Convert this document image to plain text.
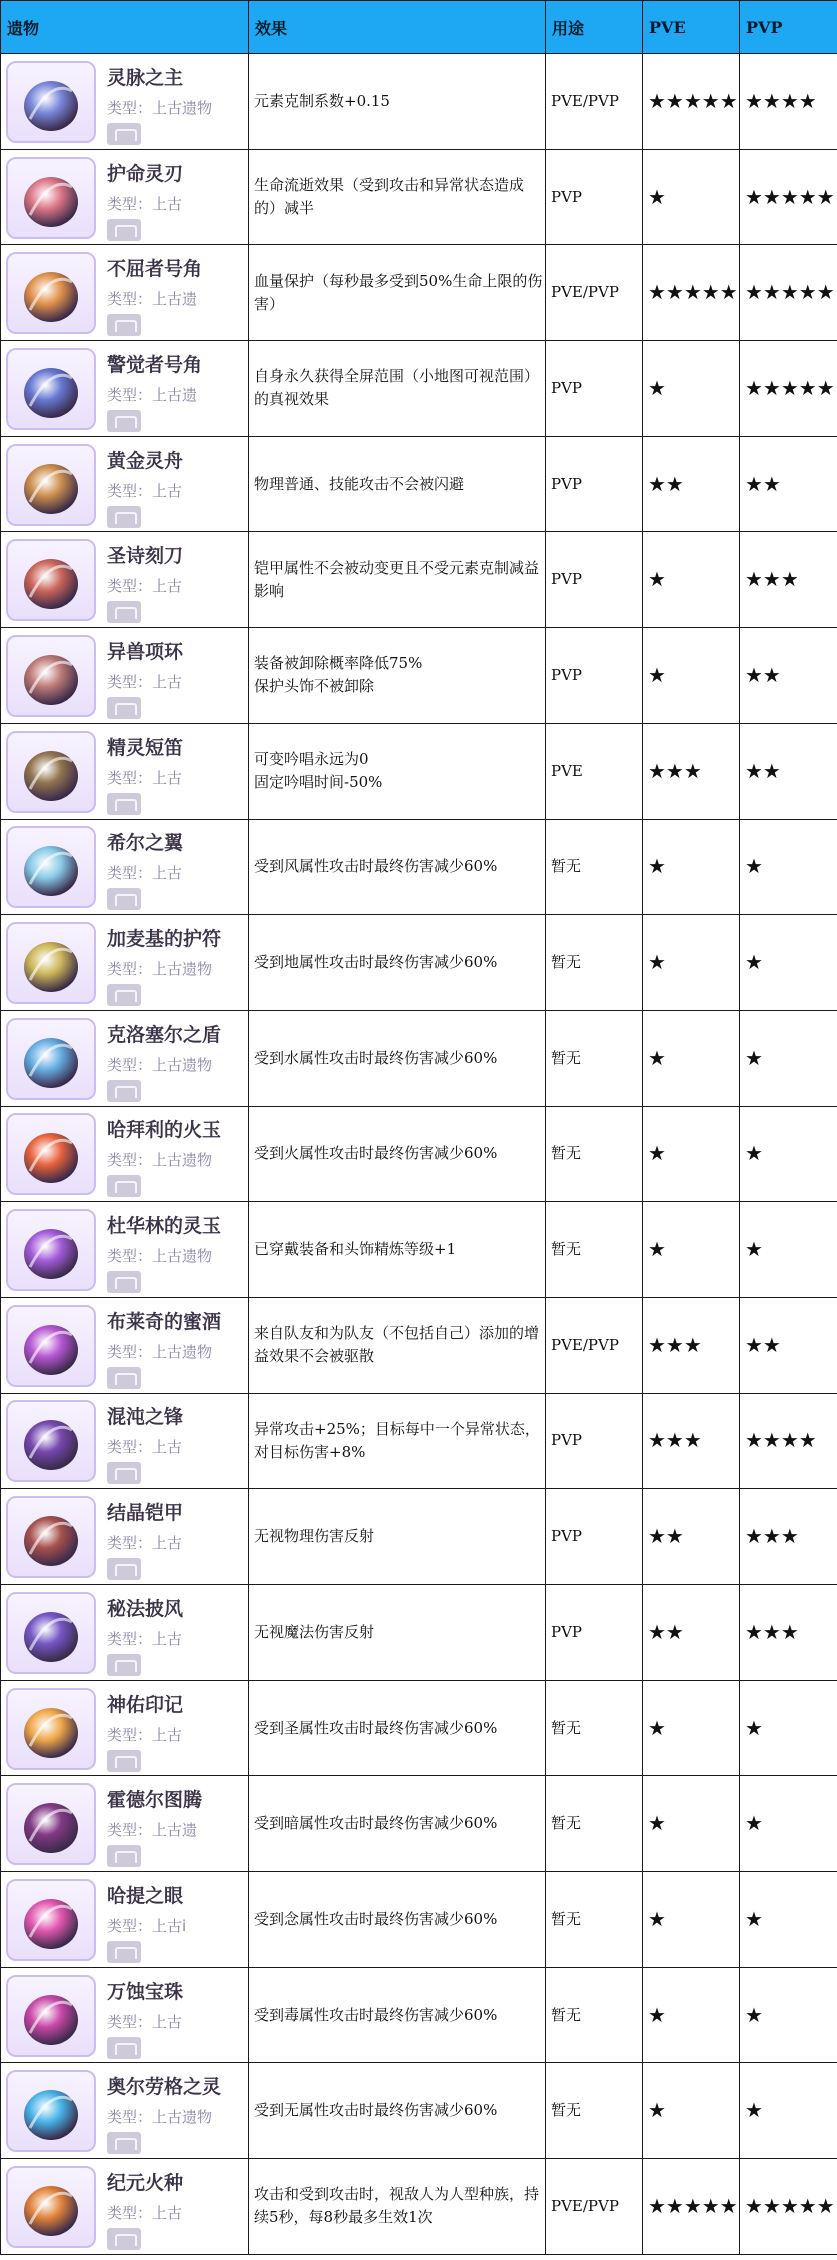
遗物	效果	用途	PVE	PVP

灵脉之主
类型：上古遗物	元素克制系数+0.15	PVE/PVP	★★★★★	★★★★

护命灵刃
类型：上古	生命流逝效果（受到攻击和异常状态造成的）减半	PVP	★	★★★★★

不屈者号角
类型：上古遗	血量保护（每秒最多受到50%生命上限的伤害）	PVE/PVP	★★★★★	★★★★★

警觉者号角
类型：上古遗	自身永久获得全屏范围（小地图可视范围）的真视效果	PVP	★	★★★★★

黄金灵舟
类型：上古	物理普通、技能攻击不会被闪避	PVP	★★	★★

圣诗刻刀
类型：上古	铠甲属性不会被动变更且不受元素克制减益影响	PVP	★	★★★

异兽项环
类型：上古	装备被卸除概率降低75%
保护头饰不被卸除	PVP	★	★★

精灵短笛
类型：上古	可变吟唱永远为0
固定吟唱时间-50%	PVE	★★★	★★

希尔之翼
类型：上古	受到风属性攻击时最终伤害减少60%	暂无	★	★

加麦基的护符
类型：上古遗物	受到地属性攻击时最终伤害减少60%	暂无	★	★

克洛塞尔之盾
类型：上古遗物	受到水属性攻击时最终伤害减少60%	暂无	★	★

哈拜利的火玉
类型：上古遗物	受到火属性攻击时最终伤害减少60%	暂无	★	★

杜华林的灵玉
类型：上古遗物	已穿戴装备和头饰精炼等级+1	暂无	★	★

布莱奇的蜜酒
类型：上古遗物	来自队友和为队友（不包括自己）添加的增益效果不会被驱散	PVE/PVP	★★★	★★

混沌之锋
类型：上古	异常攻击+25%；目标每中一个异常状态，对目标伤害+8%	PVP	★★★	★★★★

结晶铠甲
类型：上古	无视物理伤害反射	PVP	★★	★★★

秘法披风
类型：上古	无视魔法伤害反射	PVP	★★	★★★

神佑印记
类型：上古	受到圣属性攻击时最终伤害减少60%	暂无	★	★

霍德尔图腾
类型：上古遗	受到暗属性攻击时最终伤害减少60%	暂无	★	★

哈提之眼
类型：上古i	受到念属性攻击时最终伤害减少60%	暂无	★	★

万蚀宝珠
类型：上古	受到毒属性攻击时最终伤害减少60%	暂无	★	★

奥尔劳格之灵
类型：上古遗物	受到无属性攻击时最终伤害减少60%	暂无	★	★

纪元火种
类型：上古	攻击和受到攻击时，视敌人为人型种族，持续5秒，每8秒最多生效1次	PVE/PVP	★★★★★	★★★★★
